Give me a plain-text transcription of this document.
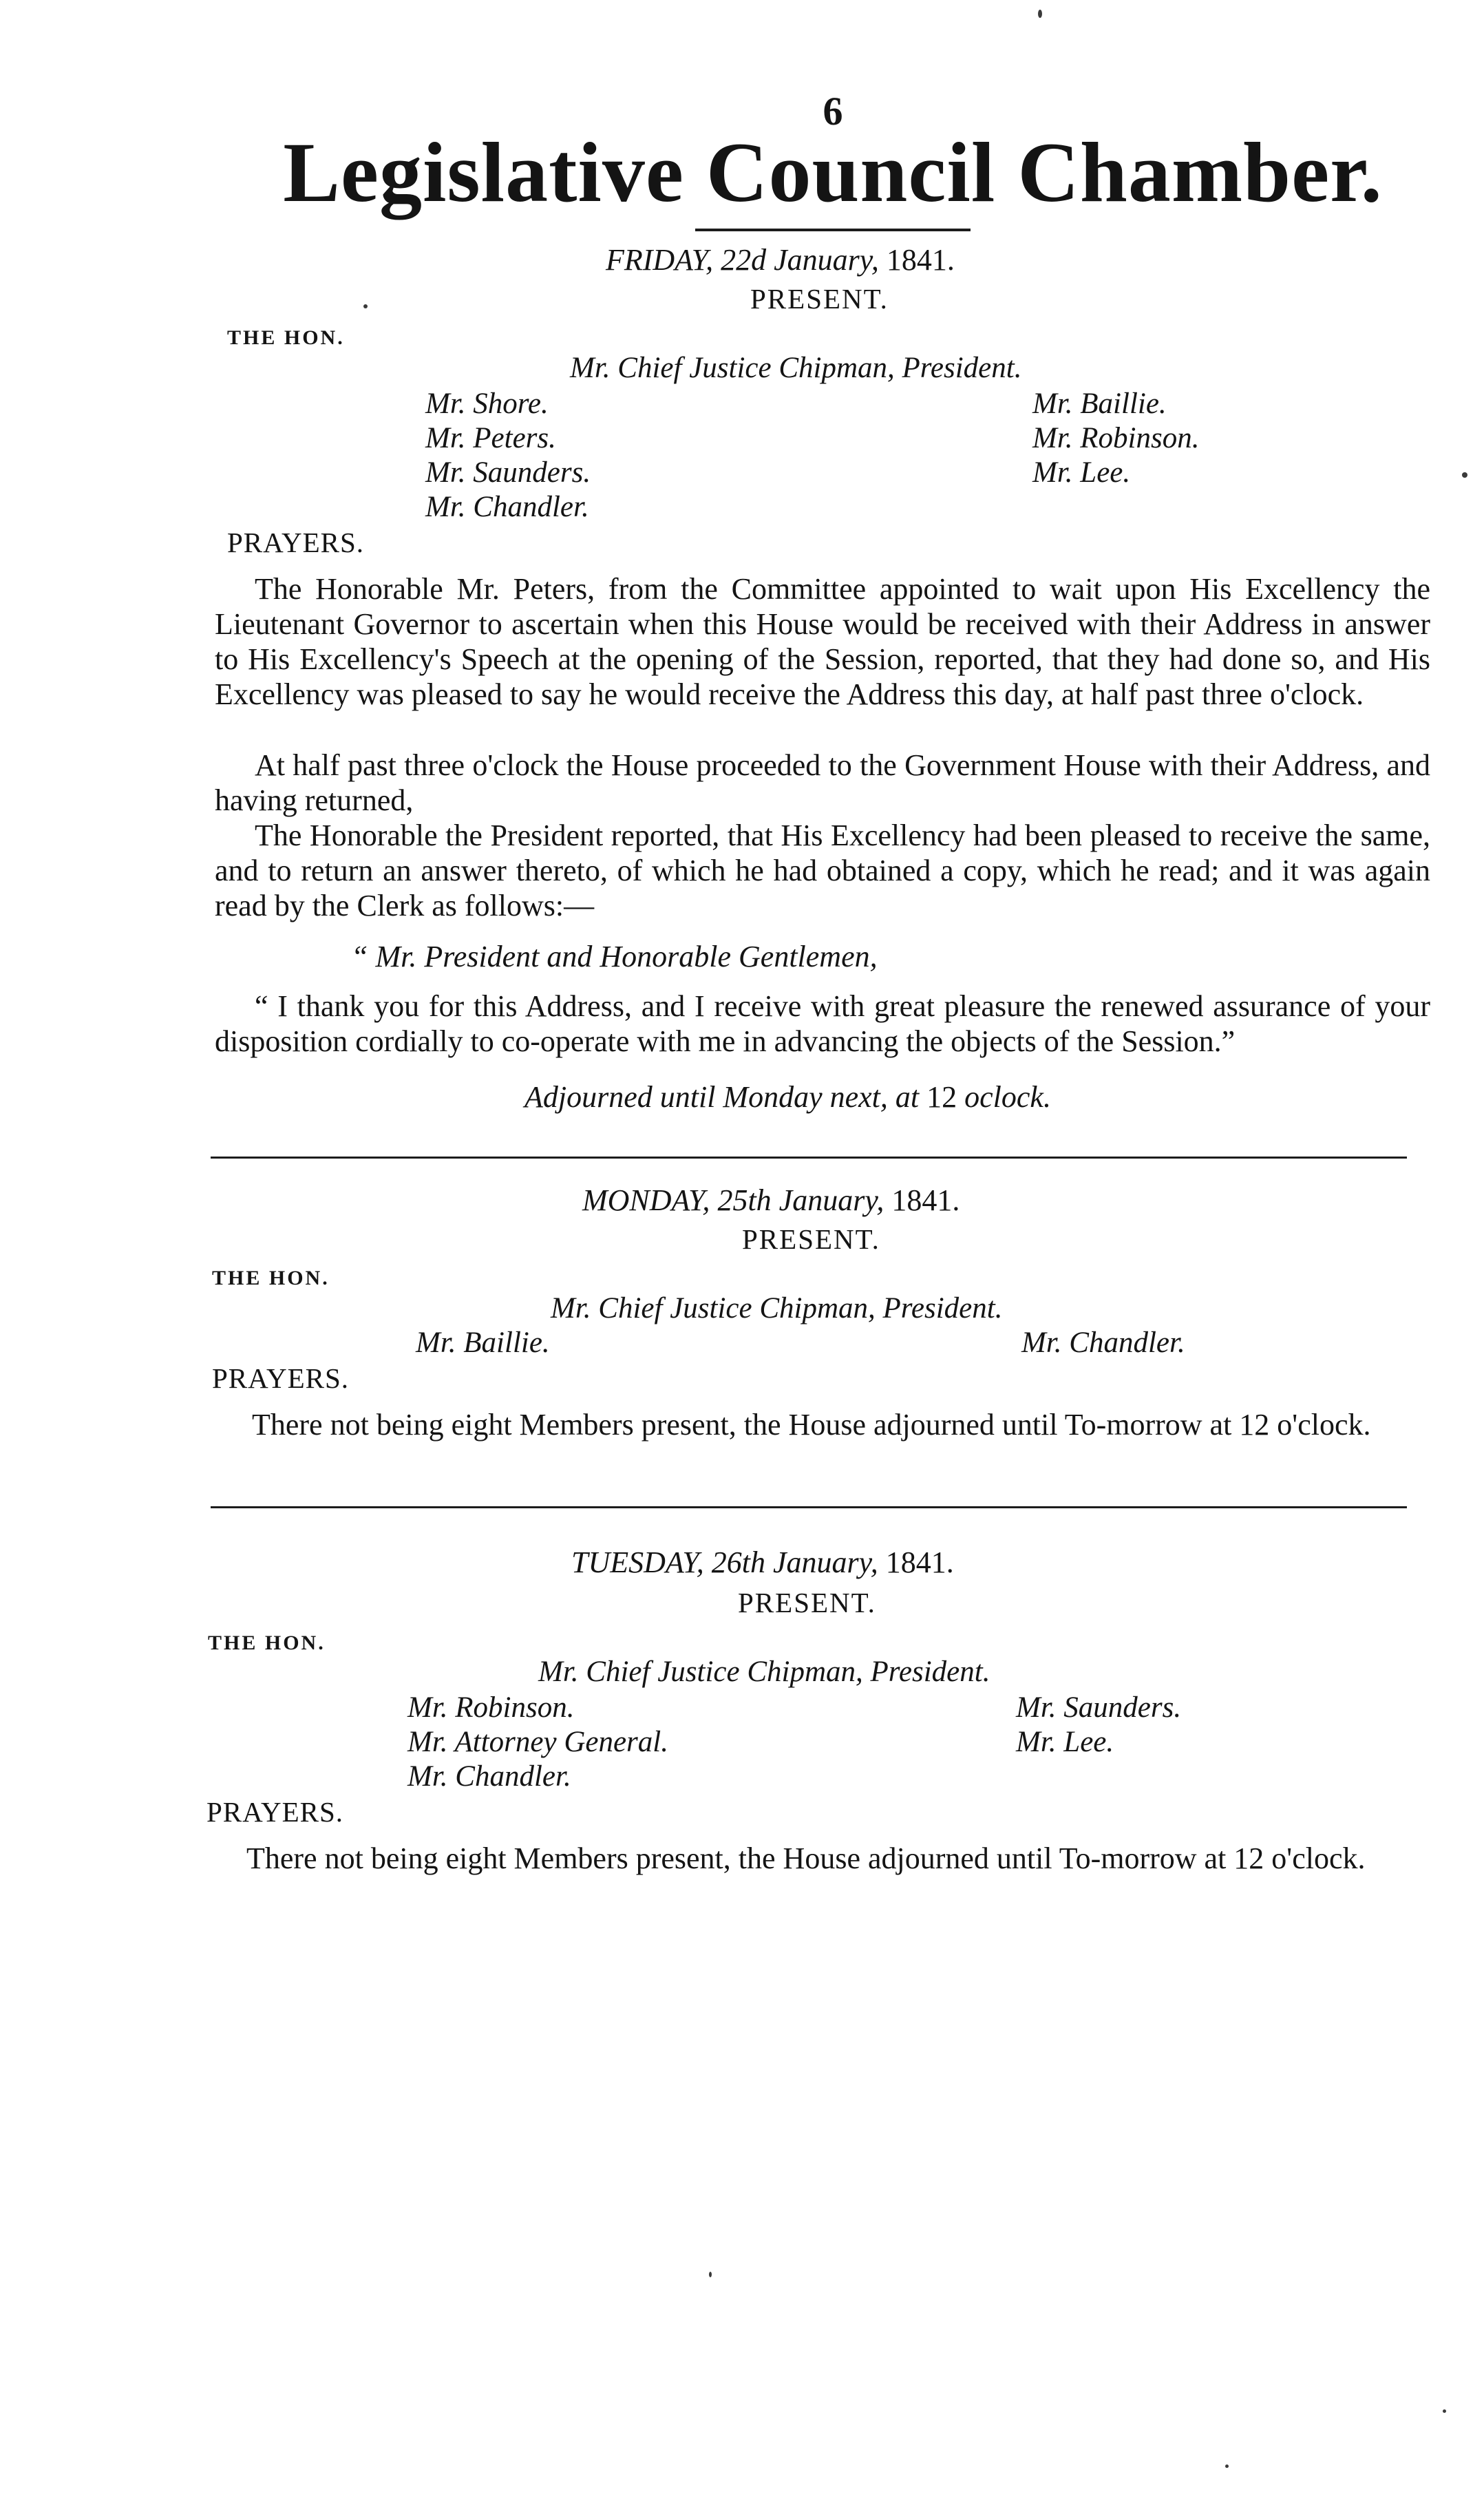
6
Legislative Council Chamber.
FRIDAY, 22d January, 1841.
PRESENT.
THE HON.
Mr. Chief Justice Chipman, President.
Mr. Shore.
Mr. Peters.
Mr. Saunders.
Mr. Chandler.
Mr. Baillie.
Mr. Robinson.
Mr. Lee.
PRAYERS.

The Honorable Mr. Peters, from the Committee appointed to wait upon His Excellency the Lieutenant Governor to ascertain when this House would be received with their Address in answer to His Excellency's Speech at the opening of the Session, reported, that they had done so, and His Excellency was pleased to say he would receive the Address this day, at half past three o'clock.

At half past three o'clock the House proceeded to the Government House with their Address, and having returned,

The Honorable the President reported, that His Excellency had been pleased to receive the same, and to return an answer thereto, of which he had obtained a copy, which he read; and it was again read by the Clerk as follows:—

“ Mr. President and Honorable Gentlemen,

“ I thank you for this Address, and I receive with great pleasure the renewed assurance of your disposition cordially to co-operate with me in advancing the objects of the Session.”

Adjourned until Monday next, at 12 oclock.
MONDAY, 25th January, 1841.
PRESENT.
THE HON.
Mr. Chief Justice Chipman, President.
Mr. Baillie.	Mr. Chandler.
PRAYERS.

There not being eight Members present, the House adjourned until To-morrow at 12 o'clock.

TUESDAY, 26th January, 1841.
PRESENT.
THE HON.
Mr. Chief Justice Chipman, President.
Mr. Robinson.
Mr. Attorney General.
Mr. Chandler.
Mr. Saunders.
Mr. Lee.
PRAYERS.

There not being eight Members present, the House adjourned until To-morrow at 12 o'clock.
